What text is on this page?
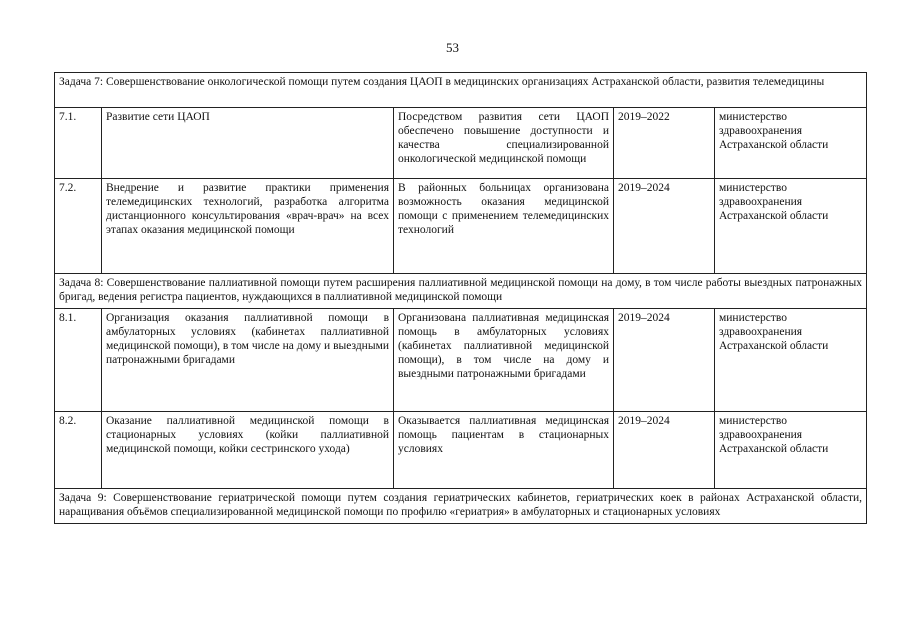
53
Задача 7: Совершенствование онкологической помощи путем создания ЦАОП в медицинских организациях Астраханской области, развития телемедицины				
7.1.	Развитие сети ЦАОП	Посредством развития сети ЦАОП обеспечено повышение доступности и качества специализированной онкологической медицинской помощи	2019–2022	министерство здравоохранения Астраханской области
7.2.	Внедрение и развитие практики применения телемедицинских технологий, разработка алгоритма дистанционного консультирования «врач-врач» на всех этапах оказания медицинской помощи	В районных больницах организована возможность оказания медицинской помощи с применением телемедицинских технологий	2019–2024	министерство здравоохранения Астраханской области
Задача 8: Совершенствование паллиативной помощи путем расширения паллиативной медицинской помощи на дому, в том числе работы выездных патронажных бригад, ведения регистра пациентов, нуждающихся в паллиативной медицинской помощи				
8.1.	Организация оказания паллиативной помощи в амбулаторных условиях (кабинетах паллиативной медицинской помощи), в том числе на дому и выездными патронажными бригадами	Организована паллиативная медицинская помощь в амбулаторных условиях (кабинетах паллиативной медицинской помощи), в том числе на дому и выездными патронажными бригадами	2019–2024	министерство здравоохранения Астраханской области
8.2.	Оказание паллиативной медицинской помощи в стационарных условиях (койки паллиативной медицинской помощи, койки сестринского ухода)	Оказывается паллиативная медицинская помощь пациентам в стационарных условиях	2019–2024	министерство здравоохранения Астраханской области
Задача 9: Совершенствование гериатрической помощи путем создания гериатрических кабинетов, гериатрических коек в районах Астраханской области, наращивания объёмов специализированной медицинской помощи по профилю «гериатрия» в амбулаторных и стационарных условиях				
